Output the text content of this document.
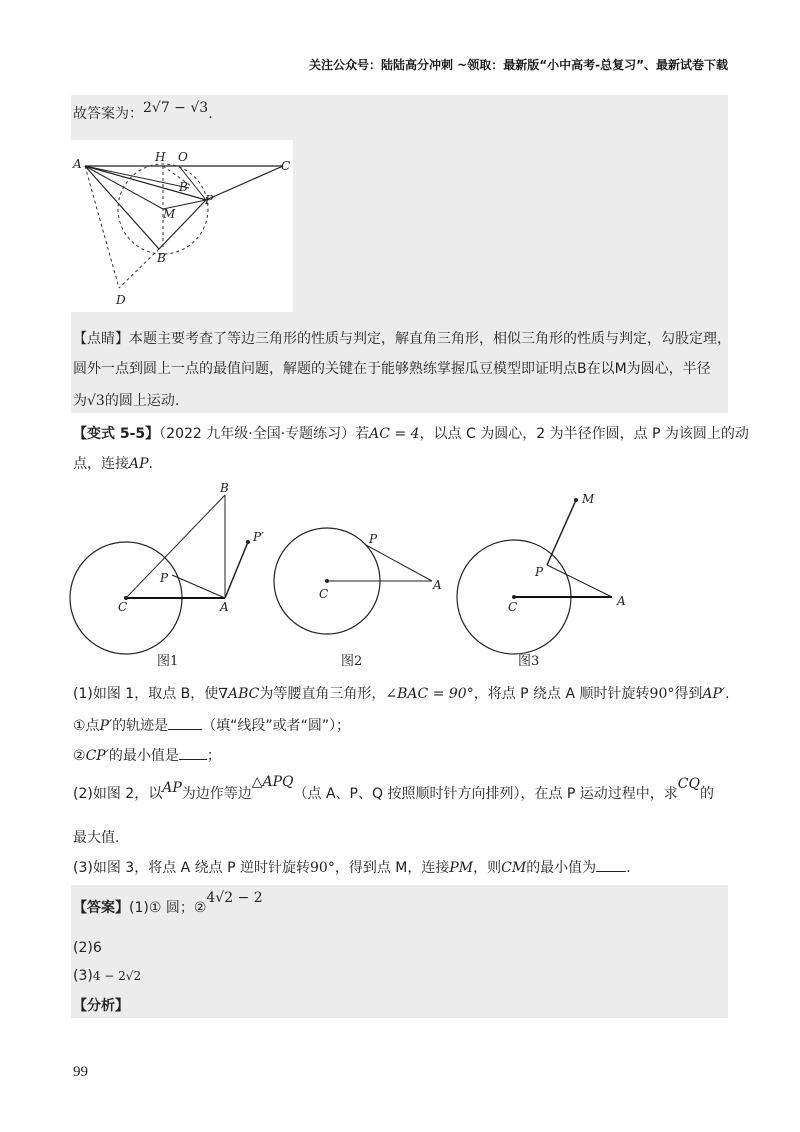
关注公众号：陆陆高分冲刺 ~领取：最新版“小中高考-总复习”、最新试卷下载
故答案为：2√7 − √3.
A	H O
C
B
P
M
B
D
【点睛】本题主要考查了等边三角形的性质与判定，解直角三角形，相似三角形的性质与判定，勾股定理，
圆外一点到圆上一点的最值问题，解题的关键在于能够熟练掌握瓜豆模型即证明点B在以M为圆心，半径
为√3的圆上运动.
【变式 5-5】（2022 九年级·全国·专题练习）若AC = 4，以点 C 为圆心，2 为半径作圆，点 P 为该圆上的动
点，连接AP.
C
P
A
B
P′
图1
C
P
A
图2
C
P
A
M
图3
(1)如图 1，取点 B，使∇ABC为等腰直角三角形，∠BAC = 90°，将点 P 绕点 A 顺时针旋转90°得到AP′.
①点P′的轨迹是 （填“线段”或者“圆”）；
②CP′的最小值是 ；
(2)如图 2，以AP为边作等边△APQ（点 A、P、Q 按照顺时针方向排列），在点 P 运动过程中，求CQ的
最大值.
(3)如图 3，将点 A 绕点 P 逆时针旋转90°，得到点 M，连接PM，则CM的最小值为 .
【答案】(1)① 圆；②4√2 − 2
(2)6
(3)4 − 2√2
【分析】
99
